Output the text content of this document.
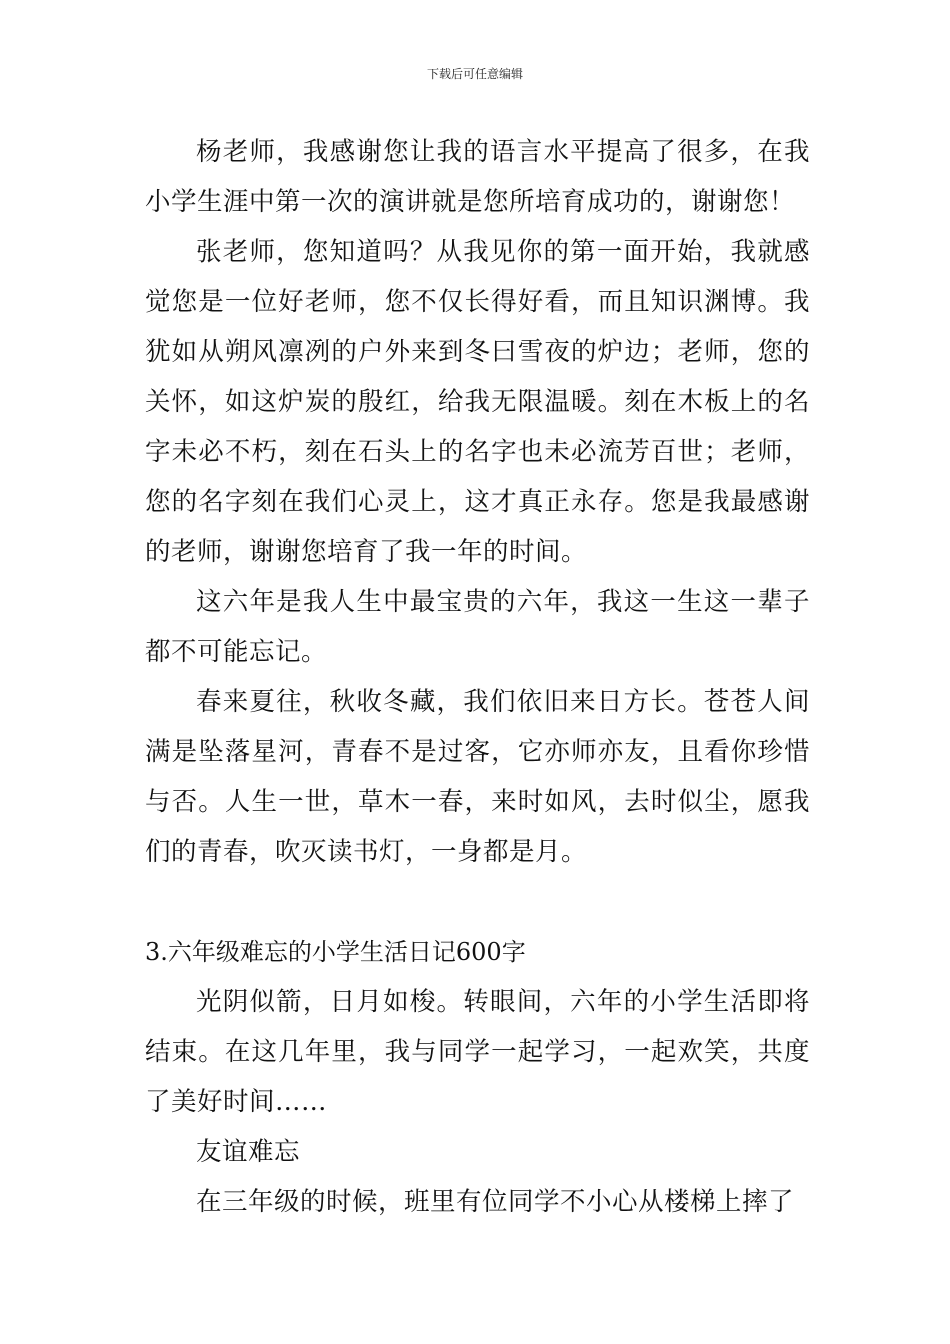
下载后可任意编辑

杨老师，我感谢您让我的语言水平提高了很多，在我小学生涯中第一次的演讲就是您所培育成功的，谢谢您！

张老师，您知道吗？从我见你的第一面开始，我就感觉您是一位好老师，您不仅长得好看，而且知识渊博。我犹如从朔风凛冽的户外来到冬曰雪夜的炉边；老师，您的关怀，如这炉炭的殷红，给我无限温暖。刻在木板上的名字未必不朽，刻在石头上的名字也未必流芳百世；老师，您的名字刻在我们心灵上，这才真正永存。您是我最感谢的老师，谢谢您培育了我一年的时间。

这六年是我人生中最宝贵的六年，我这一生这一辈子都不可能忘记。

春来夏往，秋收冬藏，我们依旧来日方长。苍苍人间满是坠落星河，青春不是过客，它亦师亦友，且看你珍惜与否。人生一世，草木一春，来时如风，去时似尘，愿我们的青春，吹灭读书灯，一身都是月。

3.六年级难忘的小学生活日记600字

光阴似箭，日月如梭。转眼间，六年的小学生活即将结束。在这几年里，我与同学一起学习，一起欢笑，共度了美好时间……

友谊难忘

在三年级的时候，班里有位同学不小心从楼梯上摔了
